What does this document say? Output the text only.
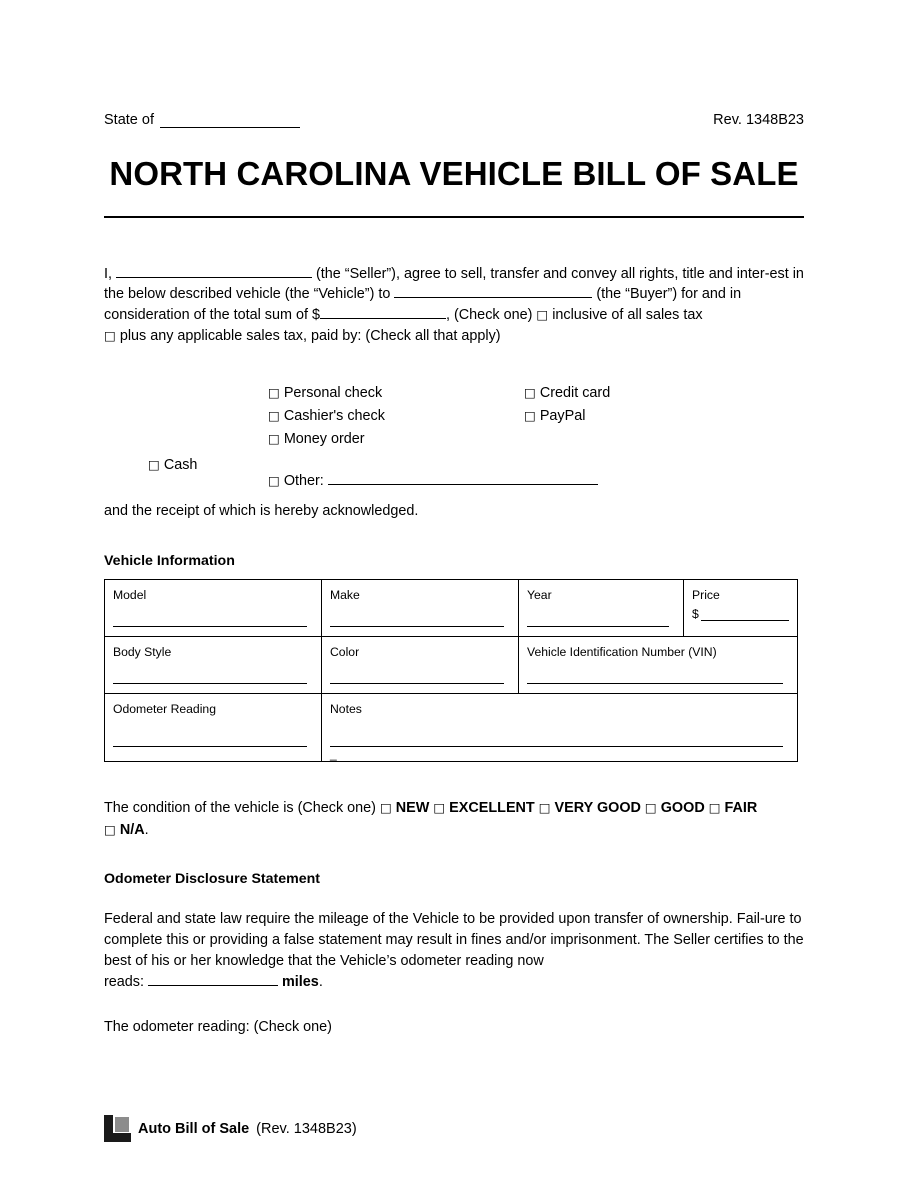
State of	Rev. 1348B23
NORTH CAROLINA VEHICLE BILL OF SALE
I,	(the “Seller”), agree to sell, transfer and convey all rights, title and inter-est in the below described vehicle (the “Vehicle”) to	(the “Buyer”) for and in consideration of the total sum of $	, (Check one) □ inclusive of all sales tax
□ plus any applicable sales tax, paid by: (Check all that apply)
□ Cash
□ Personal check
□ Cashier's check
□ Money order
□ Credit card
□ PayPal
□ Other:
and the receipt of which is hereby acknowledged.
Vehicle Information
Model	Make	Year	Price
$

Body Style	Color	Vehicle Identification Number (VIN)	

Odometer Reading	Notes
_		
The condition of the vehicle is (Check one) □ NEW □ EXCELLENT □ VERY GOOD □ GOOD □ FAIR
□ N/A.
Odometer Disclosure Statement
Federal and state law require the mileage of the Vehicle to be provided upon transfer of ownership. Fail-ure to complete this or providing a false statement may result in fines and/or imprisonment. The Seller certifies to the best of his or her knowledge that the Vehicle’s odometer reading now
reads:	miles.
The odometer reading: (Check one)
Auto Bill of Sale (Rev. 1348B23)
